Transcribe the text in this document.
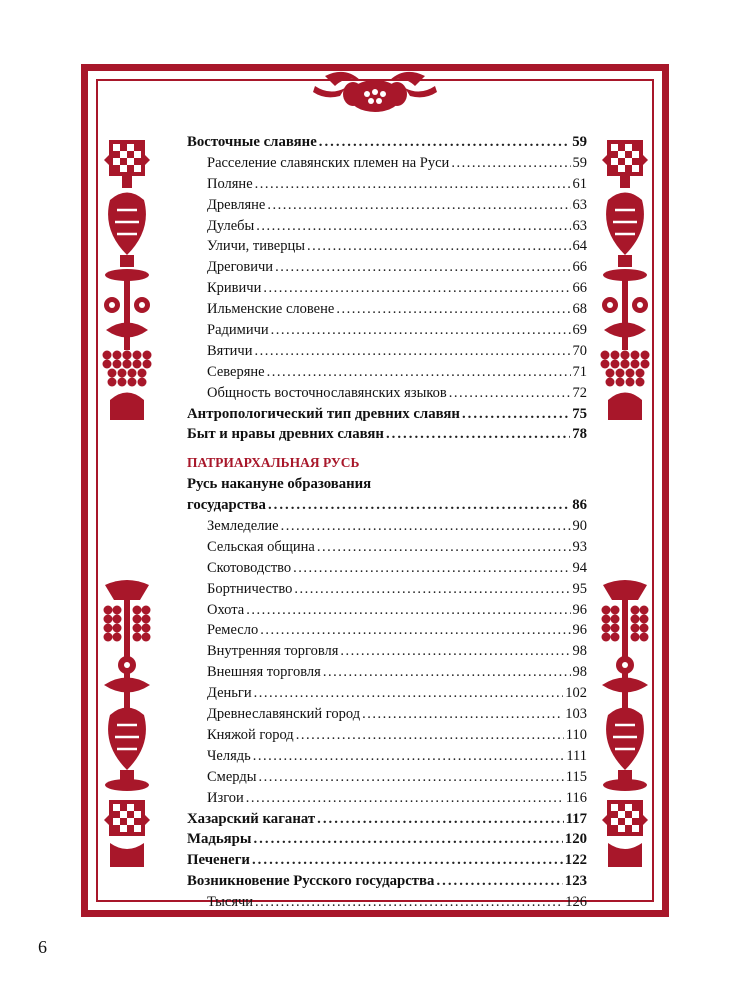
Восточные славяне .....	59
Расселение славянских племен на Руси .....	59
Поляне .....	61
Древляне .....	63
Дулебы .....	63
Уличи, тиверцы .....	64
Дреговичи .....	66
Кривичи .....	66
Ильменские словене .....	68
Радимичи .....	69
Вятичи .....	70
Северяне .....	71
Общность восточнославянских языков .....	72
Антропологический тип древних славян .....	75
Быт и нравы древних славян .....	78
ПАТРИАРХАЛЬНАЯ РУСЬ
Русь накануне образования
государства .....	86
Земледелие .....	90
Сельская община .....	93
Скотоводство .....	94
Бортничество .....	95
Охота .....	96
Ремесло .....	96
Внутренняя торговля .....	98
Внешняя торговля .....	98
Деньги .....	102
Древнеславянский город .....	103
Княжой город .....	110
Челядь .....	111
Смерды .....	115
Изгои .....	116
Хазарский каганат .....	117
Мадьяры .....	120
Печенеги .....	122
Возникновение Русского государства .....	123
Тысячи .....	126
6
